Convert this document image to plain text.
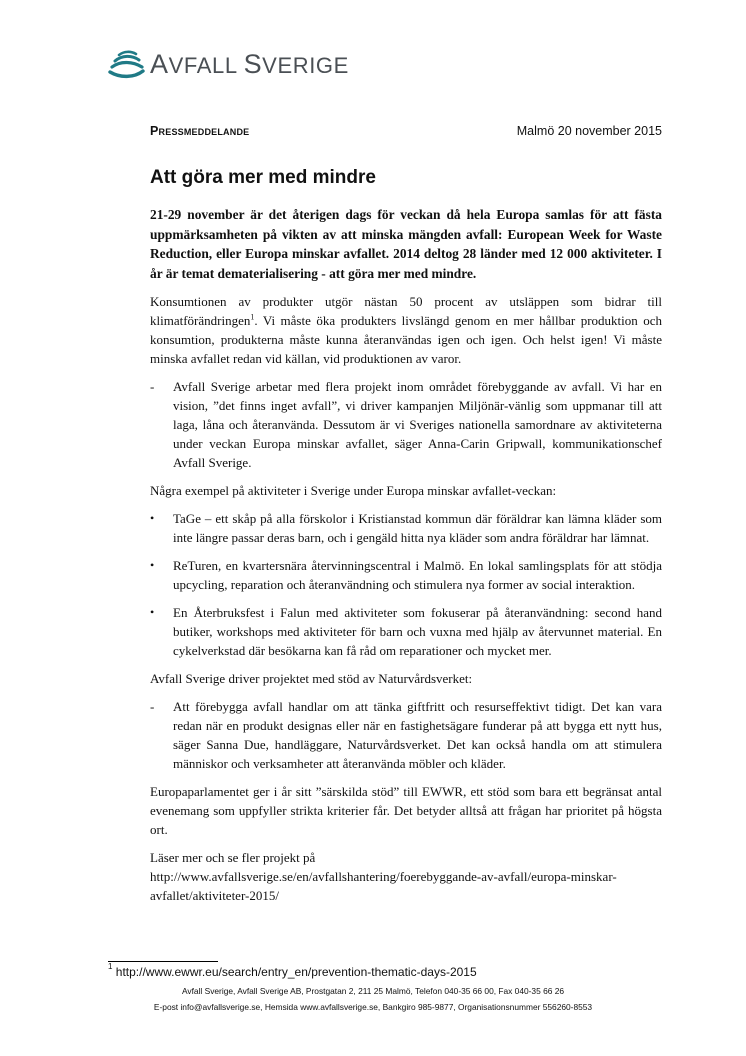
AVFALL SVERIGE
Pressmeddelande	Malmö 20 november 2015
Att göra mer med mindre

21-29 november är det återigen dags för veckan då hela Europa samlas för att fästa uppmärksamheten på vikten av att minska mängden avfall: European Week for Waste Reduction, eller Europa minskar avfallet. 2014 deltog 28 länder med 12 000 aktiviteter. I år är temat dematerialisering - att göra mer med mindre.

Konsumtionen av produkter utgör nästan 50 procent av utsläppen som bidrar till klimatförändringen$^1$. Vi måste öka produkters livslängd genom en mer hållbar produktion och konsumtion, produkterna måste kunna återanvändas igen och igen. Och helst igen! Vi måste minska avfallet redan vid källan, vid produktionen av varor.

-	Avfall Sverige arbetar med flera projekt inom området förebyggande av avfall. Vi har en vision, ”det finns inget avfall”, vi driver kampanjen Miljönär-vänlig som uppmanar till att laga, låna och återanvända. Dessutom är vi Sveriges nationella samordnare av aktiviteterna under veckan Europa minskar avfallet, säger Anna-Carin Gripwall, kommunikationschef Avfall Sverige.

Några exempel på aktiviteter i Sverige under Europa minskar avfallet-veckan:

•	TaGe – ett skåp på alla förskolor i Kristianstad kommun där föräldrar kan lämna kläder som inte längre passar deras barn, och i gengäld hitta nya kläder som andra föräldrar har lämnat.
•	ReTuren, en kvartersnära återvinningscentral i Malmö. En lokal samlingsplats för att stödja upcycling, reparation och återanvändning och stimulera nya former av social interaktion.
•	En Återbruksfest i Falun med aktiviteter som fokuserar på återanvändning: second hand butiker, workshops med aktiviteter för barn och vuxna med hjälp av återvunnet material. En cykelverkstad där besökarna kan få råd om reparationer och mycket mer.

Avfall Sverige driver projektet med stöd av Naturvårdsverket:

-	Att förebygga avfall handlar om att tänka giftfritt och resurseffektivt tidigt. Det kan vara redan när en produkt designas eller när en fastighetsägare funderar på att bygga ett nytt hus, säger Sanna Due, handläggare, Naturvårdsverket. Det kan också handla om att stimulera människor och verksamheter att återanvända möbler och kläder.

Europaparlamentet ger i år sitt ”särskilda stöd” till EWWR, ett stöd som bara ett begränsat antal evenemang som uppfyller strikta kriterier får. Det betyder alltså att frågan har prioritet på högsta ort.

Läser mer och se fler projekt på
http://www.avfallsverige.se/en/avfallshantering/foerebyggande-av-avfall/europa-minskar-avfallet/aktiviteter-2015/

$^1$ http://www.ewwr.eu/search/entry_en/prevention-thematic-days-2015
Avfall Sverige, Avfall Sverige AB, Prostgatan 2, 211 25 Malmö, Telefon 040-35 66 00, Fax 040-35 66 26
E-post info@avfallsverige.se, Hemsida www.avfallsverige.se, Bankgiro 985-9877, Organisationsnummer 556260-8553
